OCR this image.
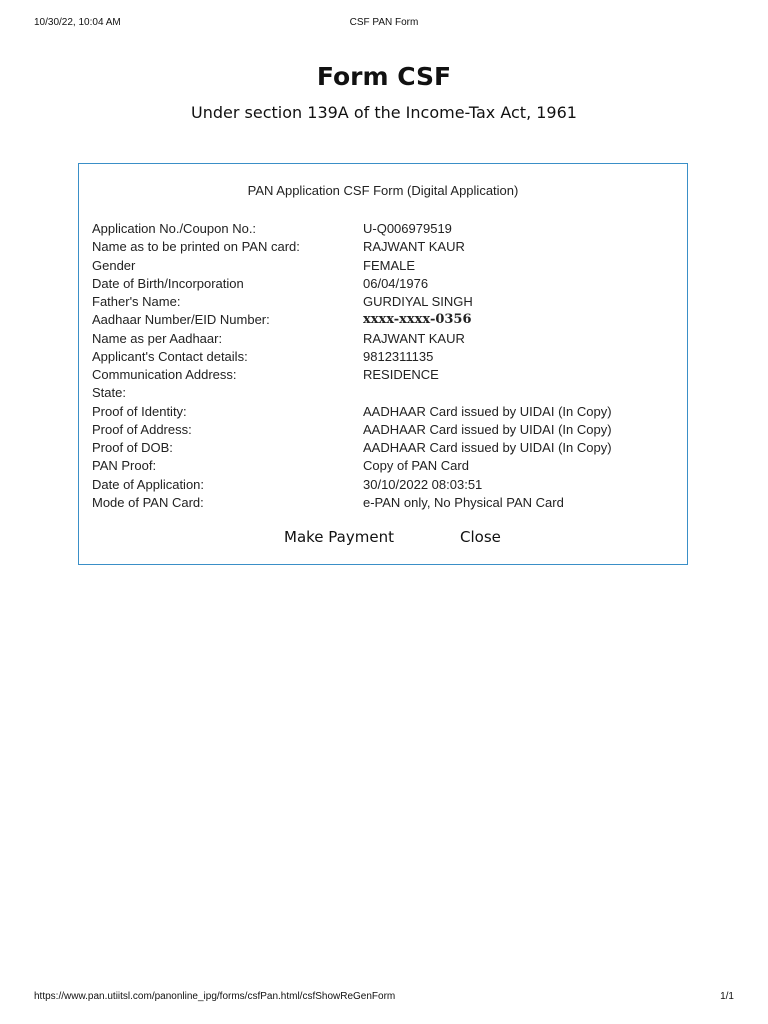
10/30/22, 10:04 AM	CSF PAN Form
Form CSF
Under section 139A of the Income-Tax Act, 1961
PAN Application CSF Form (Digital Application)
Application No./Coupon No.:	U-Q006979519
Name as to be printed on PAN card:	RAJWANT KAUR
Gender	FEMALE
Date of Birth/Incorporation	06/04/1976
Father's Name:	GURDIYAL SINGH
Aadhaar Number/EID Number:	xxxx-xxxx-0356
Name as per Aadhaar:	RAJWANT KAUR
Applicant's Contact details:	9812311135
Communication Address:	RESIDENCE
State:
Proof of Identity:	AADHAAR Card issued by UIDAI (In Copy)
Proof of Address:	AADHAAR Card issued by UIDAI (In Copy)
Proof of DOB:	AADHAAR Card issued by UIDAI (In Copy)
PAN Proof:	Copy of PAN Card
Date of Application:	30/10/2022 08:03:51
Mode of PAN Card:	e-PAN only, No Physical PAN Card
Make Payment	Close
https://www.pan.utiitsl.com/panonline_ipg/forms/csfPan.html/csfShowReGenForm	1/1
